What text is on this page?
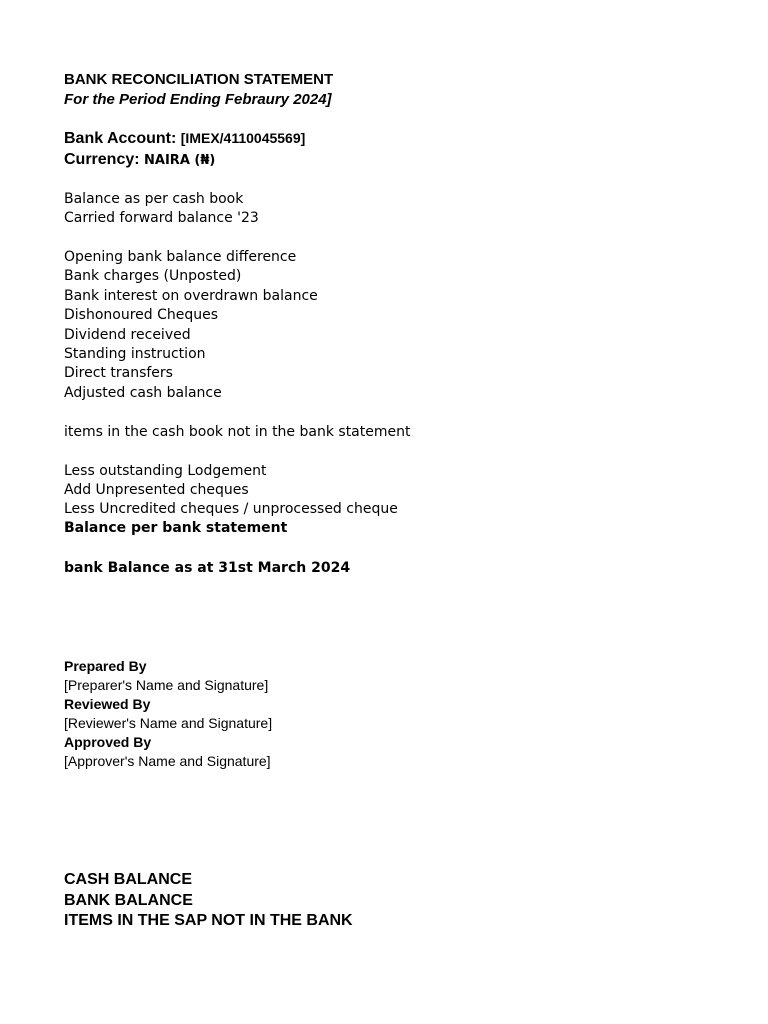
BANK RECONCILIATION STATEMENT
For the Period Ending Febraury 2024]
Bank Account: [IMEX/4110045569]
Currency: NAIRA (₦)
Balance as per cash book
Carried forward balance '23
Opening bank balance difference
Bank charges (Unposted)
Bank interest on overdrawn balance
Dishonoured Cheques
Dividend received
Standing instruction
Direct transfers
Adjusted cash balance
items in the cash book not in the bank statement
Less outstanding Lodgement
Add Unpresented cheques
Less Uncredited cheques / unprocessed cheque
Balance per bank statement
bank Balance as at 31st March 2024
Prepared By
[Preparer's Name and Signature]
Reviewed By
[Reviewer's Name and Signature]
Approved By
[Approver's Name and Signature]
CASH BALANCE
BANK BALANCE
ITEMS IN THE SAP NOT IN THE BANK
